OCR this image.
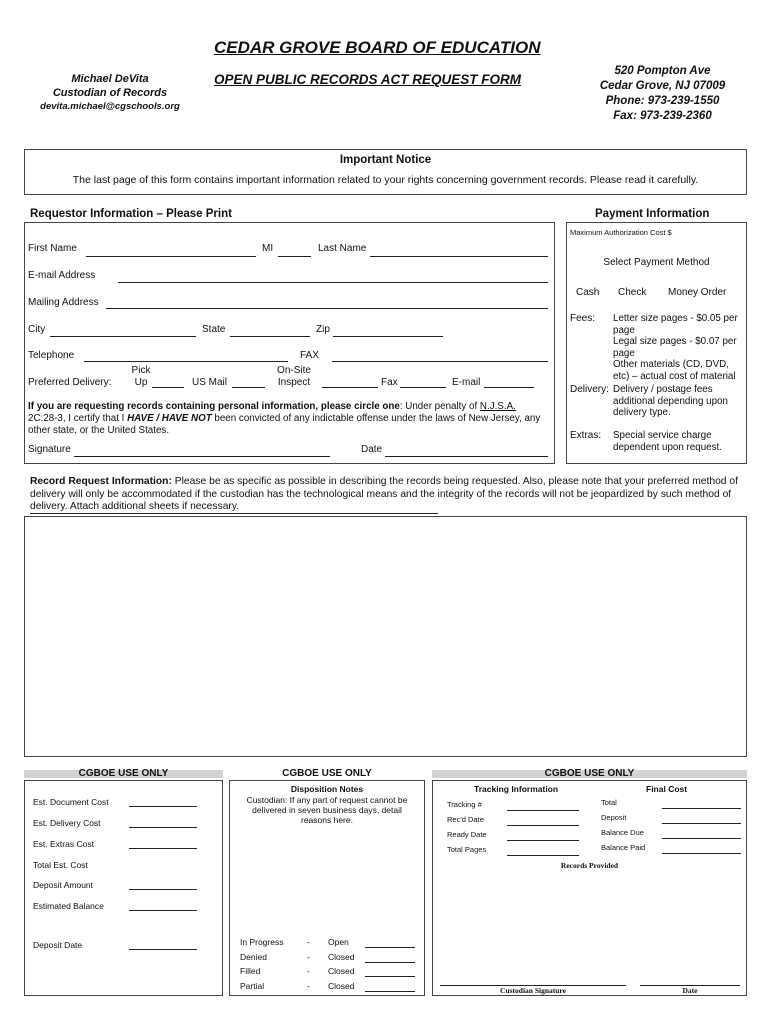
CEDAR GROVE BOARD OF EDUCATION
OPEN PUBLIC RECORDS ACT REQUEST FORM
Michael DeVita
Custodian of Records
devita.michael@cgschools.org
520 Pompton Ave
Cedar Grove, NJ 07009
Phone: 973-239-1550
Fax: 973-239-2360
Important Notice
The last page of this form contains important information related to your rights concerning government records. Please read it carefully.
Requestor Information – Please Print
First Name	MI	Last Name
E-mail Address
Mailing Address
City	State	Zip
Telephone	FAX
Preferred Delivery:
Pick
Up	US Mail
On-Site
Inspect	Fax	E-mail
If you are requesting records containing personal information, please circle one: Under penalty of N.J.S.A.
2C:28-3, I certify that I HAVE / HAVE NOT been convicted of any indictable offense under the laws of New Jersey, any other state, or the United States.
Signature	Date
Payment Information
Maximum Authorization Cost $
Select Payment Method
Cash Check Money Order
Fees: Letter size pages - $0.05 per page
Legal size pages - $0.07 per page
Other materials (CD, DVD, etc) – actual cost of material
Delivery: Delivery / postage fees additional depending upon delivery type.
Extras: Special service charge dependent upon request.
Record Request Information: Please be as specific as possible in describing the records being requested. Also, please note that your preferred method of delivery will only be accommodated if the custodian has the technological means and the integrity of the records will not be jeopardized by such method of delivery. Attach additional sheets if necessary.
CGBOE USE ONLY
Est. Document Cost
Est. Delivery Cost
Est. Extras Cost
Total Est. Cost
Deposit Amount
Estimated Balance
Deposit Date
CGBOE USE ONLY
Disposition Notes
Custodian: If any part of request cannot be delivered in seven business days, detail reasons here.
In Progress	- Open
Denied	- Closed
Filled	- Closed
Partial	- Closed
CGBOE USE ONLY
Tracking Information	Final Cost
Tracking #
Rec'd Date
Ready Date
Total Pages
Total
Deposit
Balance Due
Balance Paid
Records Provided
Custodian Signature	Date
